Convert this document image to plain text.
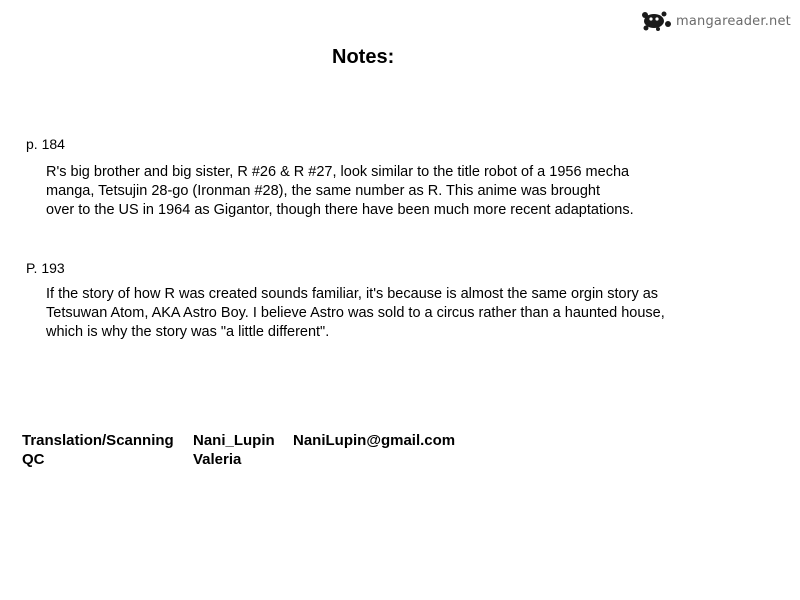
mangareader.net
Notes:
p. 184
R's big brother and big sister, R #26 & R #27, look similar to the title robot of a 1956 mecha
manga, Tetsujin 28-go (Ironman #28), the same number as R. This anime was brought
over to the US in 1964 as Gigantor, though there have been much more recent adaptations.
P. 193
If the story of how R was created sounds familiar, it's because is almost the same orgin story as
Tetsuwan Atom, AKA Astro Boy. I believe Astro was sold to a circus rather than a haunted house,
which is why the story was "a little different".
Translation/Scanning	Nani_Lupin	NaniLupin@gmail.com
QC	Valeria
